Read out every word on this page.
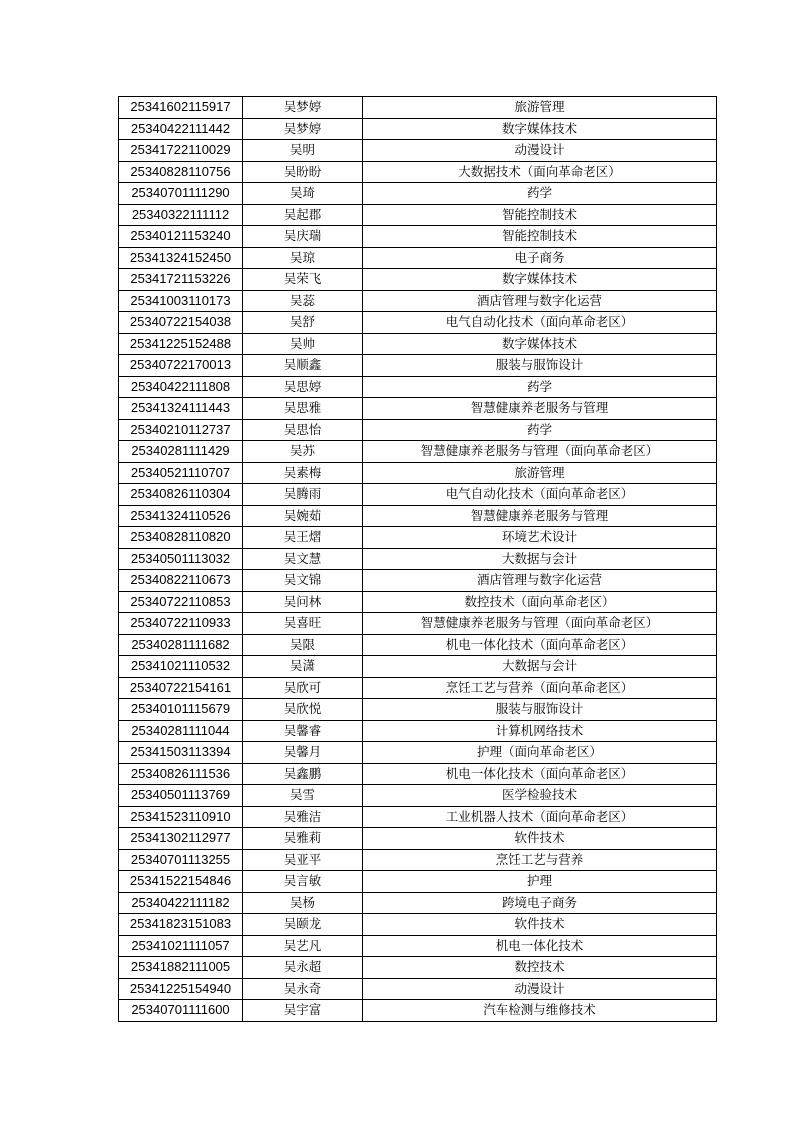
25341602115917	吴梦婷	旅游管理
25340422111442	吴梦婷	数字媒体技术
25341722110029	吴明	动漫设计
25340828110756	吴盼盼	大数据技术（面向革命老区）
25340701111290	吴琦	药学
25340322111112	吴起郡	智能控制技术
25340121153240	吴庆瑞	智能控制技术
25341324152450	吴琼	电子商务
25341721153226	吴荣飞	数字媒体技术
25341003110173	吴蕊	酒店管理与数字化运营
25340722154038	吴舒	电气自动化技术（面向革命老区）
25341225152488	吴帅	数字媒体技术
25340722170013	吴顺鑫	服装与服饰设计
25340422111808	吴思婷	药学
25341324111443	吴思雅	智慧健康养老服务与管理
25340210112737	吴思怡	药学
25340281111429	吴苏	智慧健康养老服务与管理（面向革命老区）
25340521110707	吴素梅	旅游管理
25340826110304	吴腾雨	电气自动化技术（面向革命老区）
25341324110526	吴婉茹	智慧健康养老服务与管理
25340828110820	吴王熠	环境艺术设计
25340501113032	吴文慧	大数据与会计
25340822110673	吴文锦	酒店管理与数字化运营
25340722110853	吴问林	数控技术（面向革命老区）
25340722110933	吴喜旺	智慧健康养老服务与管理（面向革命老区）
25340281111682	吴限	机电一体化技术（面向革命老区）
25341021110532	吴潇	大数据与会计
25340722154161	吴欣可	烹饪工艺与营养（面向革命老区）
25340101115679	吴欣悦	服装与服饰设计
25340281111044	吴馨睿	计算机网络技术
25341503113394	吴馨月	护理（面向革命老区）
25340826111536	吴鑫鹏	机电一体化技术（面向革命老区）
25340501113769	吴雪	医学检验技术
25341523110910	吴雅洁	工业机器人技术（面向革命老区）
25341302112977	吴雅莉	软件技术
25340701113255	吴亚平	烹饪工艺与营养
25341522154846	吴言敏	护理
25340422111182	吴杨	跨境电子商务
25341823151083	吴颐龙	软件技术
25341021111057	吴艺凡	机电一体化技术
25341882111005	吴永超	数控技术
25341225154940	吴永奇	动漫设计
25340701111600	吴宇富	汽车检测与维修技术
